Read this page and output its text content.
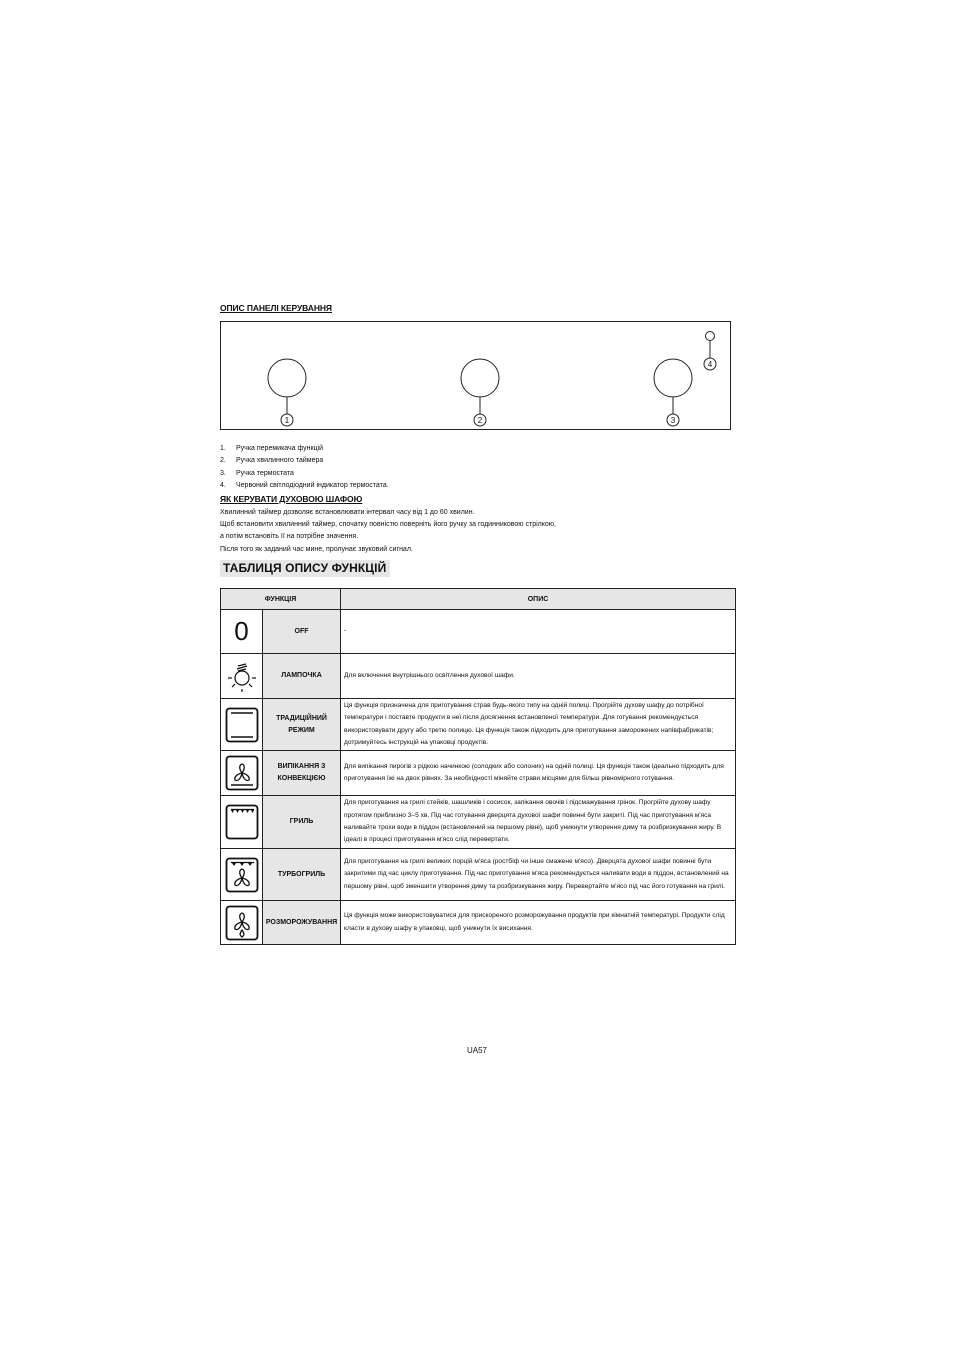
ОПИС ПАНЕЛІ КЕРУВАННЯ
1	2	3
4
1. Ручка перемикача функцій
2. Ручка хвилинного таймера
3. Ручка термостата
4. Червоний світлодіодний індикатор термостата.
ЯК КЕРУВАТИ ДУХОВОЮ ШАФОЮ
Хвилинний таймер дозволяє встановлювати інтервал часу від 1 до 60 хвилин.
Щоб встановити хвилинний таймер, спочатку повністю поверніть його ручку за годинниковою стрілкою,
а потім встановіть її на потрібне значення.
Після того як заданий час мине, пролунає звуковий сигнал.
ТАБЛИЦЯ ОПИСУ ФУНКЦІЙ
ФУНКЦІЯ		ОПИС
0	OFF	-

	ЛАМПОЧКА	Для включення внутрішнього освітлення духової шафи.

	ТРАДИЦІЙНИЙ РЕЖИМ	Ця функція призначена для приготування страв будь-якого типу на одній полиці. Прогрійте духову шафу до потрібної температури і поставте продукти в неї після досягнення встановленої температури. Для готування рекомендується використовувати другу або третю полицю. Ця функція також підходить для приготування заморожених напівфабрикатів; дотримуйтесь інструкцій на упаковці продуктів.

	ВИПІКАННЯ З КОНВЕКЦІЄЮ	Для випікання пирогів з рідкою начинкою (солодких або солоних) на одній полиці. Ця функція також ідеально підходить для приготування їжі на двох рівнях. За необхідності міняйте страви місцями для більш рівномірного готування.

	ГРИЛЬ	Для приготування на грилі стейків, шашликів і сосисок, запікання овочів і підсмажування грінок. Прогрійте духову шафу протягом приблизно 3–5 хв. Під час готування дверцята духової шафи повинні бути закриті. Під час приготування м'яса наливайте трохи води в піддон (встановлений на першому рівні), щоб уникнути утворення диму та розбризкування жиру. В ідеалі в процесі приготування м'ясо слід перевертати.

	ТУРБОГРИЛЬ	Для приготування на грилі великих порцій м'яса (ростбіф чи інше смажене м'ясо). Дверцята духової шафи повинні бути закритими під час циклу приготування. Під час приготування м'яса рекомендується наливати води в піддон, встановлений на першому рівні, щоб зменшити утворення диму та розбризкування жиру. Перевертайте м'ясо під час його готування на грилі.

	РОЗМОРОЖУВАННЯ	Ця функція може використовуватися для прискореного розморожування продуктів при кімнатній температурі. Продукти слід класти в духову шафу в упаковці, щоб уникнути їх висихання.
UA57
